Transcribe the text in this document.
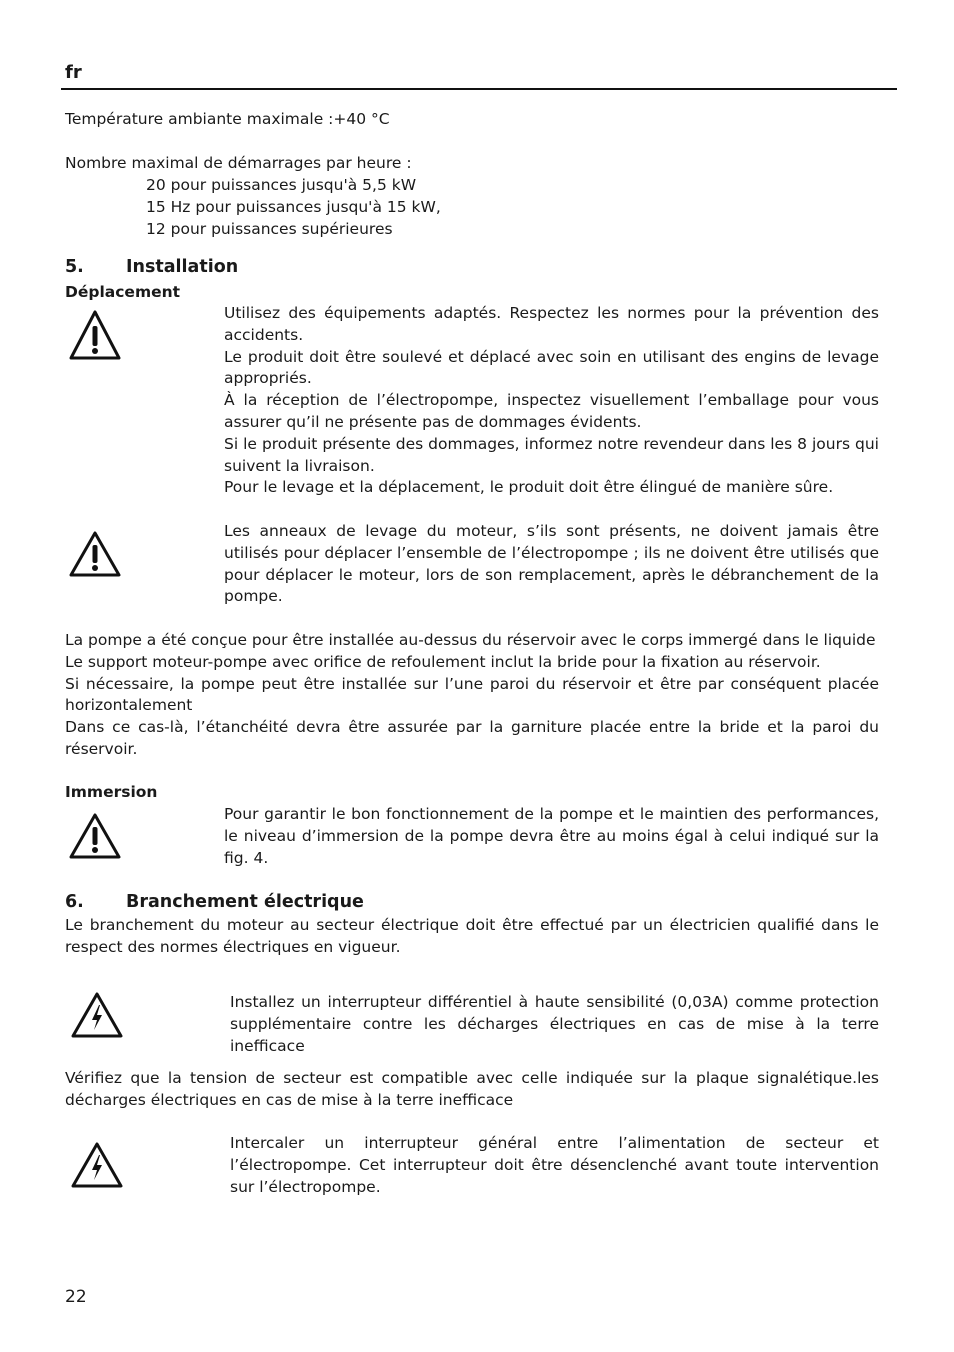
fr

Température ambiante maximale :+40 °C

Nombre maximal de démarrages par heure :

20 pour puissances jusqu'à 5,5 kW

15 Hz pour puissances jusqu'à 15 kW,

12 pour puissances supérieures

5. Installation
Déplacement

Utilisez des équipements adaptés. Respectez les normes pour la prévention des accidents.

Le produit doit être soulevé et déplacé avec soin en utilisant des engins de levage appropriés.

À la réception de l’électropompe, inspectez visuellement l’emballage pour vous assurer qu’il ne présente pas de dommages évidents.

Si le produit présente des dommages, informez notre revendeur dans les 8 jours qui suivent la livraison.

Pour le levage et la déplacement, le produit doit être élingué de manière sûre.

Les anneaux de levage du moteur, s’ils sont présents, ne doivent jamais être utilisés pour déplacer l’ensemble de l’électropompe ; ils ne doivent être utilisés que pour déplacer le moteur, lors de son remplacement, après le débranchement de la pompe.

La pompe a été conçue pour être installée au-dessus du réservoir avec le corps immergé dans le liquide

Le support moteur-pompe avec orifice de refoulement inclut la bride pour la fixation au réservoir.

Si nécessaire, la pompe peut être installée sur l’une paroi du réservoir et être par conséquent placée horizontalement

Dans ce cas-là, l’étanchéité devra être assurée par la garniture placée entre la bride et la paroi du réservoir.

Immersion

Pour garantir le bon fonctionnement de la pompe et le maintien des performances, le niveau d’immersion de la pompe devra être au moins égal à celui indiqué sur la fig. 4.

6. Branchement électrique

Le branchement du moteur au secteur électrique doit être effectué par un électricien qualifié dans le respect des normes électriques en vigueur.

Installez un interrupteur différentiel à haute sensibilité (0,03A) comme protection supplémentaire contre les décharges électriques en cas de mise à la terre inefficace

Vérifiez que la tension de secteur est compatible avec celle indiquée sur la plaque signalétique.les décharges électriques en cas de mise à la terre inefficace

Intercaler un interrupteur général entre l’alimentation de secteur et l’électropompe. Cet interrupteur doit être désenclenché avant toute intervention sur l’électropompe.

22
